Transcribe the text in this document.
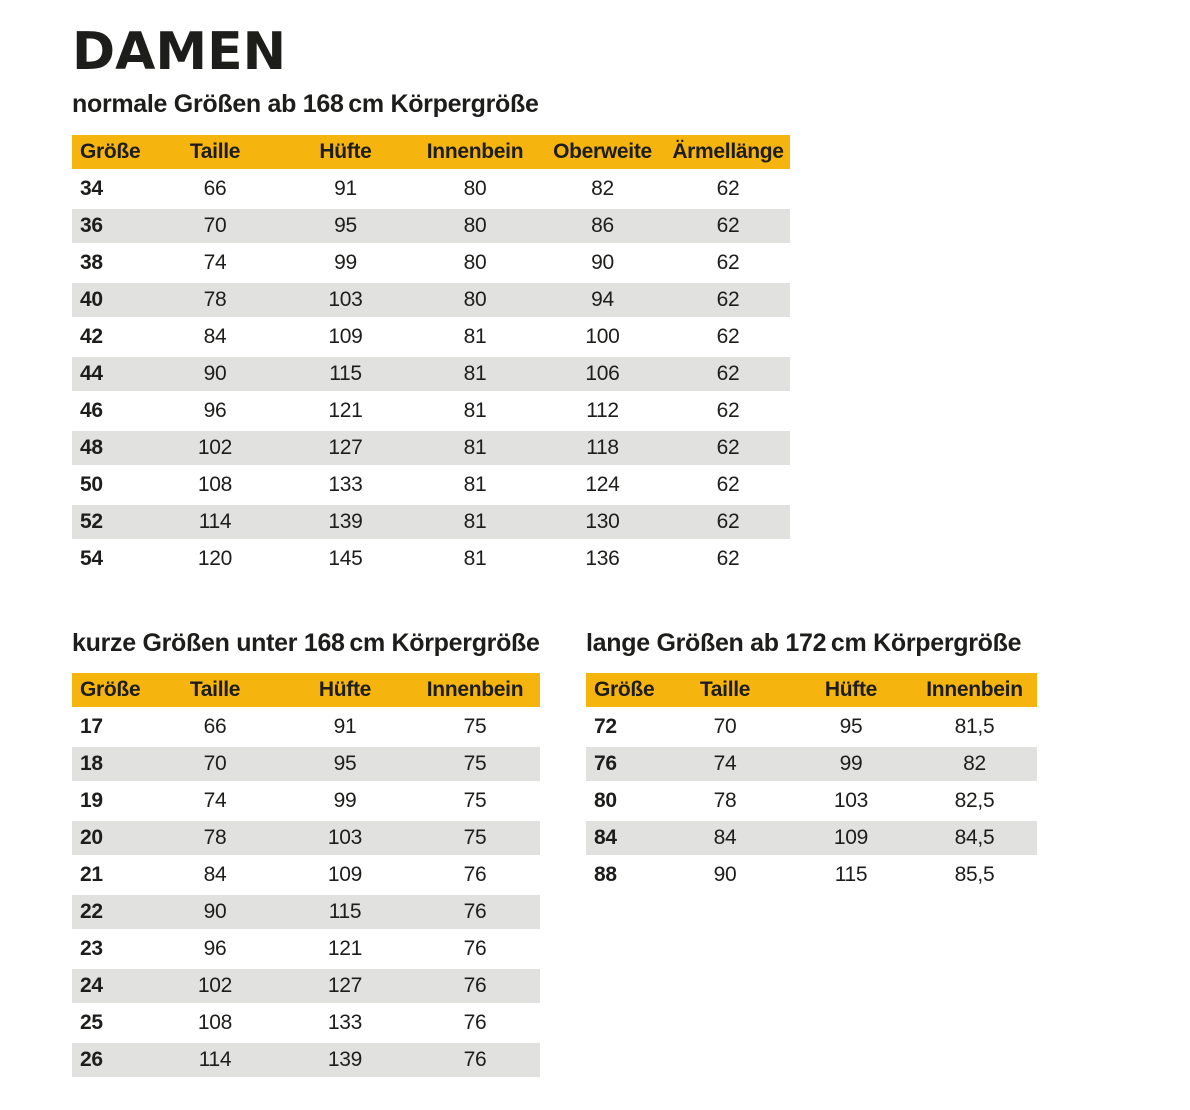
DAMEN
normale Größen ab 168 cm Körpergröße
Größe	Taille	Hüfte	Innenbein	Oberweite	Ärmellänge
34	66	91	80	82	62
36	70	95	80	86	62
38	74	99	80	90	62
40	78	103	80	94	62
42	84	109	81	100	62
44	90	115	81	106	62
46	96	121	81	112	62
48	102	127	81	118	62
50	108	133	81	124	62
52	114	139	81	130	62
54	120	145	81	136	62
kurze Größen unter 168 cm Körpergröße
Größe	Taille	Hüfte	Innenbein
17	66	91	75
18	70	95	75
19	74	99	75
20	78	103	75
21	84	109	76
22	90	115	76
23	96	121	76
24	102	127	76
25	108	133	76
26	114	139	76
lange Größen ab 172 cm Körpergröße
Größe	Taille	Hüfte	Innenbein
72	70	95	81,5
76	74	99	82
80	78	103	82,5
84	84	109	84,5
88	90	115	85,5
